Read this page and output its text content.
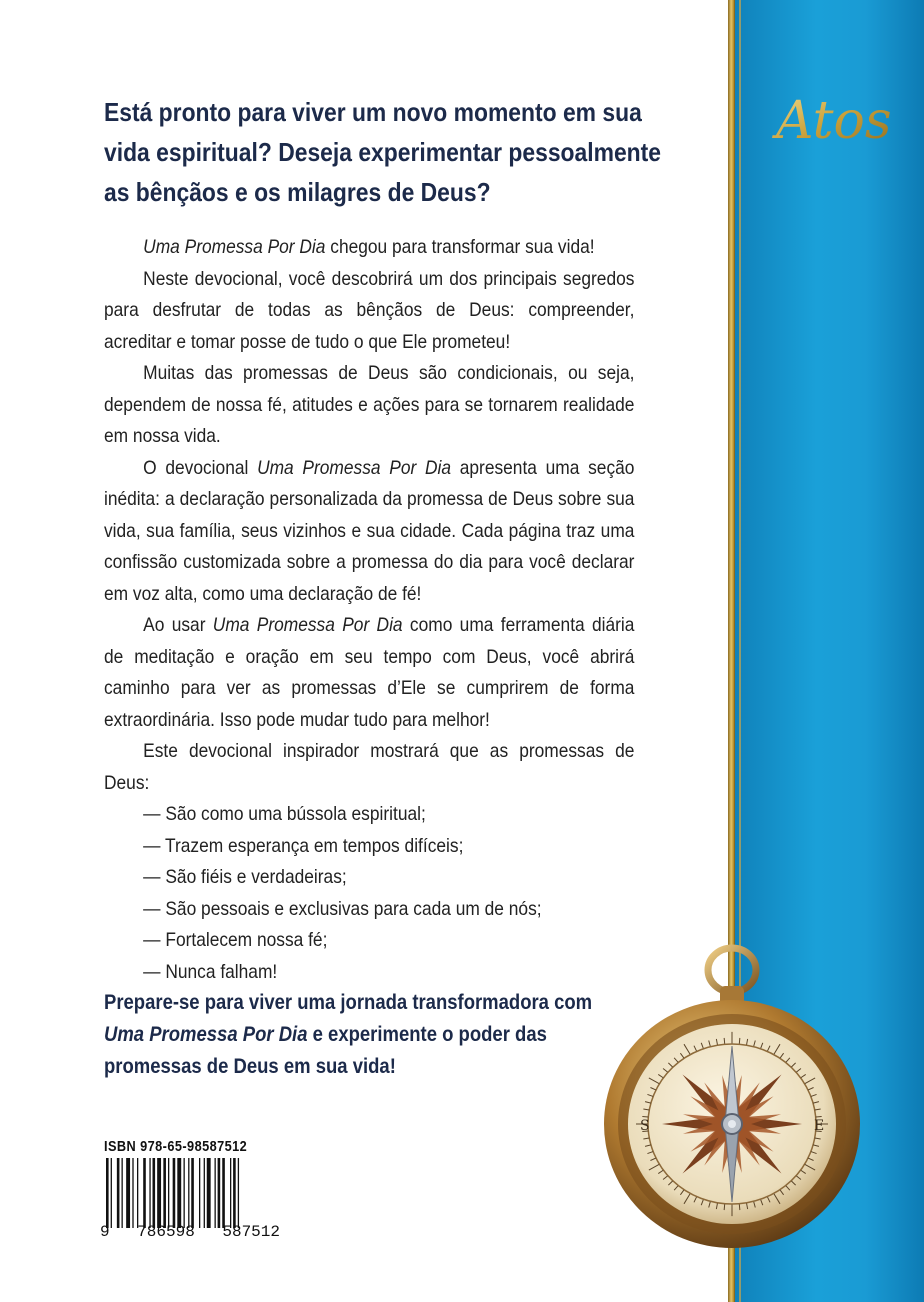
Atos
Está pronto para viver um novo momento em sua vida espiritual? Deseja experimentar pessoalmente as bênçãos e os milagres de Deus?

Uma Promessa Por Dia chegou para transformar sua vida!

Neste devocional, você descobrirá um dos principais segredos para desfrutar de todas as bênçãos de Deus: compreender, acreditar e tomar posse de tudo o que Ele prometeu!

Muitas das promessas de Deus são condicionais, ou seja, dependem de nossa fé, atitudes e ações para se tornarem realidade em nossa vida.

O devocional Uma Promessa Por Dia apresenta uma seção inédita: a declaração personalizada da promessa de Deus sobre sua vida, sua família, seus vizinhos e sua cidade. Cada página traz uma confissão customizada sobre a promessa do dia para você declarar em voz alta, como uma declaração de fé!

Ao usar Uma Promessa Por Dia como uma ferramenta diária de meditação e oração em seu tempo com Deus, você abrirá caminho para ver as promessas d’Ele se cumprirem de forma extraordinária. Isso pode mudar tudo para melhor!

Este devocional inspirador mostrará que as promessas de Deus:

— São como uma bússola espiritual;

— Trazem esperança em tempos difíceis;

— São fiéis e verdadeiras;

— São pessoais e exclusivas para cada um de nós;

— Fortalecem nossa fé;

— Nunca falham!

Prepare-se para viver uma jornada transformadora com Uma Promessa Por Dia e experimente o poder das promessas de Deus em sua vida!
ISBN 978-65-98587512
9 786598 587512
E
S
